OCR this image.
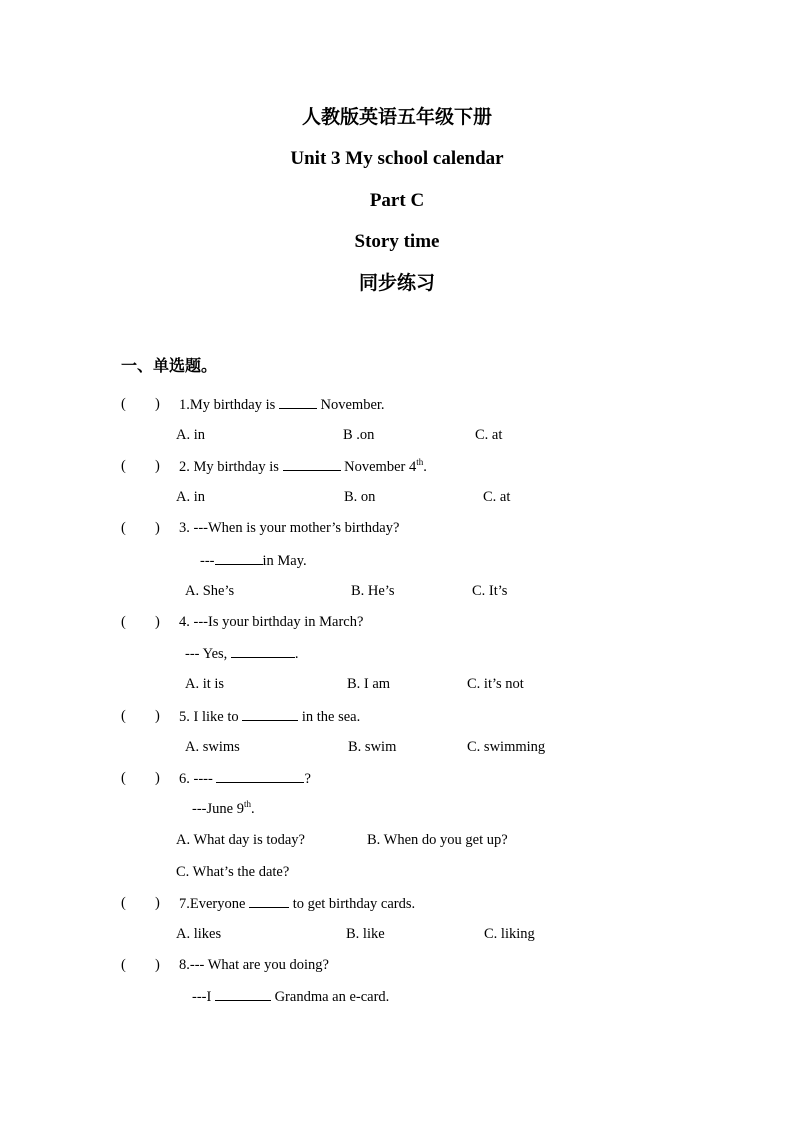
人教版英语五年级下册
Unit 3 My school calendar
Part C
Story time
同步练习
一、单选题。
( ) 1.My birthday is	November.
A. in	B .on	C. at
( ) 2. My birthday is	November 4th.
A. in	B. on	C. at
( ) 3. ---When is your mother’s birthday?
---	in May.
A. She’s	B. He’s	C. It’s
( ) 4. ---Is your birthday in March?
--- Yes,	.
A. it is	B. I am	C. it’s not
( ) 5. I like to	in the sea.
A. swims	B. swim	C. swimming
( ) 6. ----	?
---June 9th.
A. What day is today?	B. When do you get up?
C. What’s the date?
( ) 7.Everyone	to get birthday cards.
A. likes	B. like	C. liking
( ) 8.--- What are you doing?
---I	Grandma an e-card.
